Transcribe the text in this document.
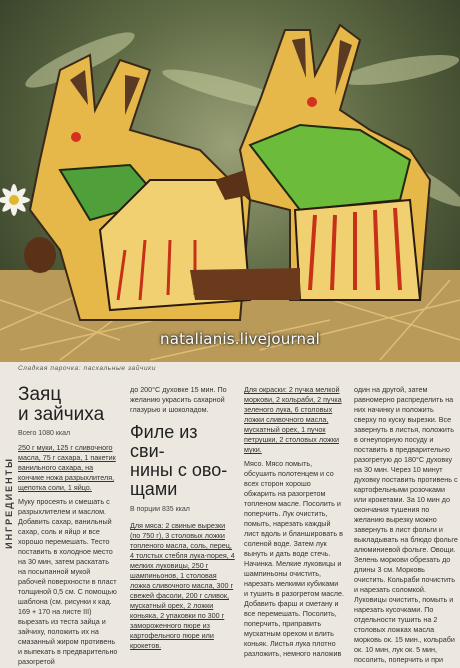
natalianis.livejournal
Сладкая парочка: пасхальные зайчики
ИНГРЕДИЕНТЫ
Заяц
и зайчиха
Всего 1080 ккал

250 г муки, 125 г сливочного масла, 75 г сахара, 1 пакетик ванильного сахара, на кончике ножа разрыхлителя, щепотка соли, 1 яйцо.

Муку просеять и смешать с разрыхлителем и маслом. Добавить сахар, ванильный сахар, соль и яйцо и все хорошо перемешать. Тесто поставить в холодное место на 30 мин, затем раскатать на посыпанной мукой рабочей поверхности в пласт толщиной 0,5 см. С помощью шаблона (см. рисунки к кад. 169 + 170 на листе III) вырезать из теста зайца и зайчиху, положить их на смазанный жиром противень и выпекать в предварительно разогретой

до 200°С духовке 15 мин. По желанию украсить сахарной глазурью и шоколадом.

Филе из сви-
нины с ово-
щами
В порции 835 ккал

Для мяса: 2 свиные вырезки (по 750 г), 3 столовых ложки топленого масла, соль, перец, 4 толстых стебля лука-порея, 4 мелких луковицы, 250 г шампиньонов, 1 столовая ложка сливочного масла, 300 г свежей фасоли, 200 г сливок, мускатный орех, 2 ложки коньяка, 2 упаковки по 300 г замороженного пюре из картофельного пюре или крокетов.

Для окраски: 2 пучка мелкой моркови, 2 кольраби, 2 пучка зеленого лука, 6 столовых ложки сливочного масла, мускатный орех, 1 пучок петрушки, 2 столовых ложки муки.

Мясо. Мясо помыть, обсушить полотенцем и со всех сторон хорошо обжарить на разогретом топленом масле. Посолить и поперчить. Лук очистить, помыть, нарезать каждый лист вдоль и бланшировать в соленой воде. Затем лук вынуть и дать воде стечь. Начинка. Мелкие луковицы и шампиньоны очистить, нарезать мелкими кубиками и тушить в разогретом масле. Добавить фарш и сметану и все перемешать. Посолить, поперчить, приправить мускатным орехом и влить коньяк. Листья лука плотно разложить, немного наложив

один на другой, затем равномерно распределить на них начинку и положить сверху по куску вырезки. Все завернуть в листья, положить в огнеупорную посуду и поставить в предварительно разогретую до 180°С духовку на 30 мин. Через 10 минут духовку поставить противень с картофельными розочками или крокетами. За 10 мин до окончания тушения по желанию вырезку можно завернуть в лист фольги и выкладывать на блюдо фольге алюминиевой фольге. Овощи. Зелень моркови обрезать до длины 3 см. Морковь очистить. Кольраби почистить и нарезать соломкой. Луковицы очистить, помыть и нарезать кусочками. По отдельности тушить на 2 столовых ложках масла морковь ок. 15 мин., кольраби ок. 10 мин, лук ок. 5 мин, посолить, поперчить и при
